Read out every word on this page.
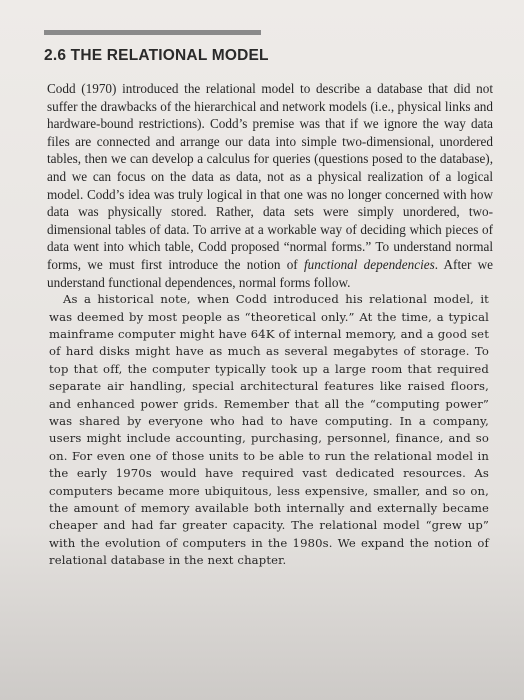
2.6 THE RELATIONAL MODEL

Codd (1970) introduced the relational model to describe a database that did not suffer the drawbacks of the hierarchical and network models (i.e., physical links and hardware-bound restrictions). Codd’s premise was that if we ignore the way data files are connected and arrange our data into simple two-dimensional, unordered tables, then we can develop a calculus for queries (questions posed to the database), and we can focus on the data as data, not as a physical realization of a logical model. Codd’s idea was truly logical in that one was no longer concerned with how data was physically stored. Rather, data sets were simply unordered, two-dimensional tables of data. To arrive at a workable way of deciding which pieces of data went into which table, Codd proposed “normal forms.” To understand normal forms, we must first introduce the notion of functional dependencies. After we understand functional dependences, normal forms follow.

As a historical note, when Codd introduced his relational model, it was deemed by most people as “theoretical only.” At the time, a typical mainframe computer might have 64K of internal memory, and a good set of hard disks might have as much as several megabytes of storage. To top that off, the computer typically took up a large room that required separate air handling, special architectural features like raised floors, and enhanced power grids. Remember that all the “computing power” was shared by everyone who had to have computing. In a company, users might include accounting, purchasing, personnel, finance, and so on. For even one of those units to be able to run the relational model in the early 1970s would have required vast dedicated resources. As computers became more ubiquitous, less expensive, smaller, and so on, the amount of memory available both internally and externally became cheaper and had far greater capacity. The relational model “grew up” with the evolution of computers in the 1980s. We expand the notion of relational database in the next chapter.
